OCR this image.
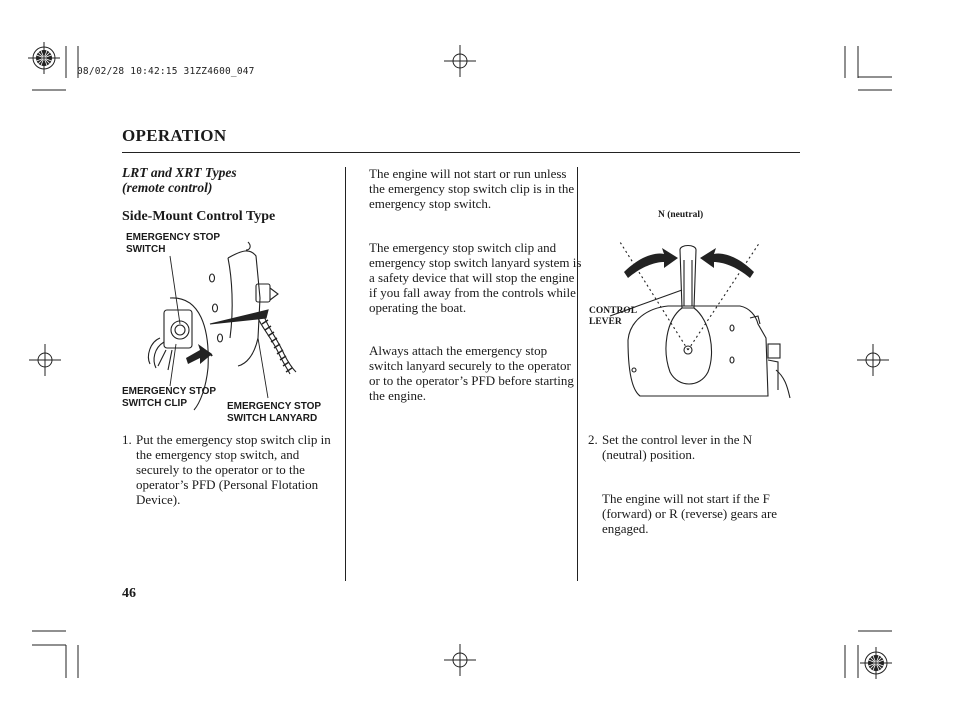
08/02/28 10:42:15 31ZZ4600_047
OPERATION
LRT and XRT Types
(remote control)
Side-Mount Control Type
EMERGENCY STOP
SWITCH
EMERGENCY STOP
SWITCH CLIP	EMERGENCY STOP
SWITCH LANYARD
1. Put the emergency stop switch clip in the emergency stop switch, and securely to the operator or to the operator’s PFD (Personal Flotation Device).
The engine will not start or run unless the emergency stop switch clip is in the emergency stop switch.
The emergency stop switch clip and emergency stop switch lanyard system is a safety device that will stop the engine if you fall away from the controls while operating the boat.
Always attach the emergency stop switch lanyard securely to the operator or to the operator’s PFD before starting the engine.
N (neutral)
CONTROL
LEVER
2. Set the control lever in the N (neutral) position.
The engine will not start if the F (forward) or R (reverse) gears are engaged.
46
